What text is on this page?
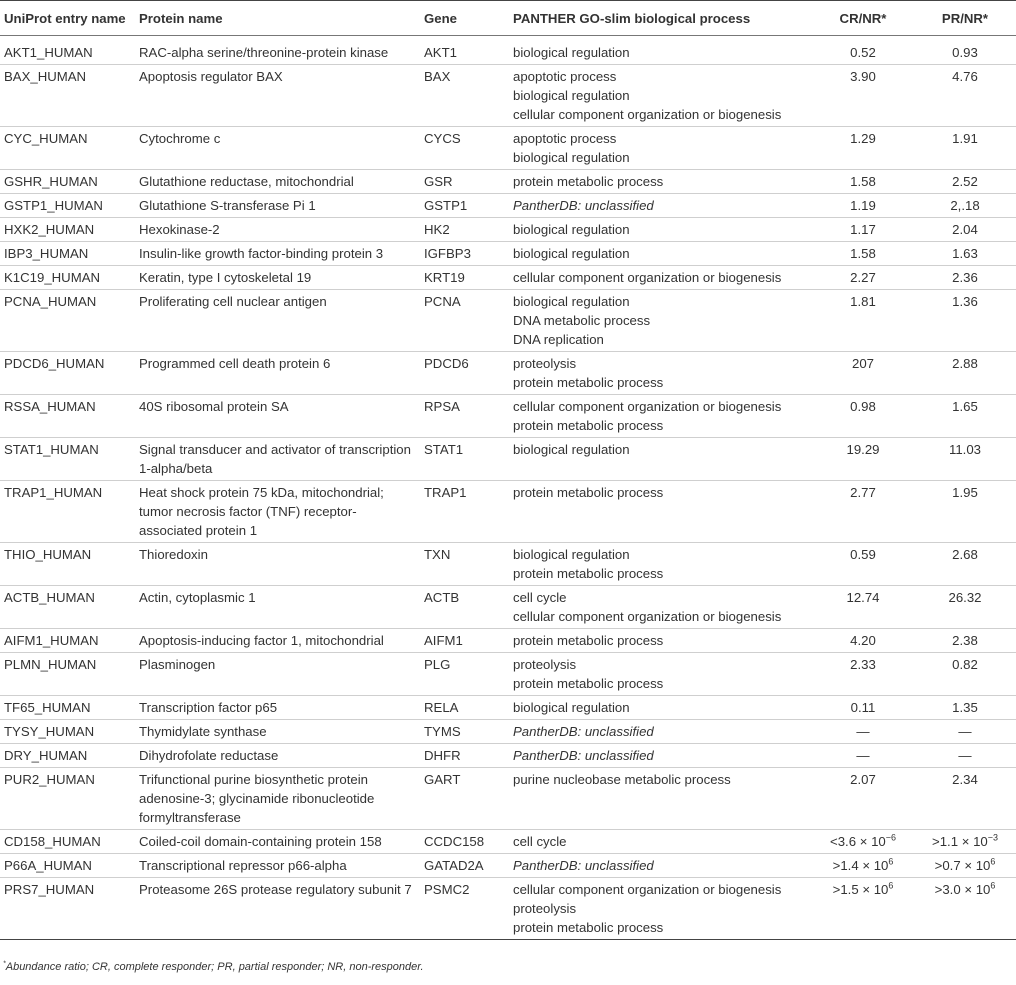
UniProt entry name	Protein name	Gene	PANTHER GO-slim biological process	CR/NR*	PR/NR*
AKT1_HUMAN	RAC-alpha serine/threonine-protein kinase	AKT1	biological regulation	0.52	0.93
BAX_HUMAN	Apoptosis regulator BAX	BAX	apoptotic process
biological regulation
cellular component organization or biogenesis	3.90	4.76
CYC_HUMAN	Cytochrome c	CYCS	apoptotic process
biological regulation	1.29	1.91
GSHR_HUMAN	Glutathione reductase, mitochondrial	GSR	protein metabolic process	1.58	2.52
GSTP1_HUMAN	Glutathione S-transferase Pi 1	GSTP1	PantherDB: unclassified	1.19	2,.18
HXK2_HUMAN	Hexokinase-2	HK2	biological regulation	1.17	2.04
IBP3_HUMAN	Insulin-like growth factor-binding protein 3	IGFBP3	biological regulation	1.58	1.63
K1C19_HUMAN	Keratin, type I cytoskeletal 19	KRT19	cellular component organization or biogenesis	2.27	2.36
PCNA_HUMAN	Proliferating cell nuclear antigen	PCNA	biological regulation
DNA metabolic process
DNA replication	1.81	1.36
PDCD6_HUMAN	Programmed cell death protein 6	PDCD6	proteolysis
protein metabolic process	207	2.88
RSSA_HUMAN	40S ribosomal protein SA	RPSA	cellular component organization or biogenesis
protein metabolic process	0.98	1.65
STAT1_HUMAN	Signal transducer and activator of transcription 1-alpha/beta	STAT1	biological regulation	19.29	11.03
TRAP1_HUMAN	Heat shock protein 75 kDa, mitochondrial; tumor necrosis factor (TNF) receptor-associated protein 1	TRAP1	protein metabolic process	2.77	1.95
THIO_HUMAN	Thioredoxin	TXN	biological regulation
protein metabolic process	0.59	2.68
ACTB_HUMAN	Actin, cytoplasmic 1	ACTB	cell cycle
cellular component organization or biogenesis	12.74	26.32
AIFM1_HUMAN	Apoptosis-inducing factor 1, mitochondrial	AIFM1	protein metabolic process	4.20	2.38
PLMN_HUMAN	Plasminogen	PLG	proteolysis
protein metabolic process	2.33	0.82
TF65_HUMAN	Transcription factor p65	RELA	biological regulation	0.11	1.35
TYSY_HUMAN	Thymidylate synthase	TYMS	PantherDB: unclassified	—	—
DRY_HUMAN	Dihydrofolate reductase	DHFR	PantherDB: unclassified	—	—
PUR2_HUMAN	Trifunctional purine biosynthetic protein adenosine-3; glycinamide ribonucleotide formyltransferase	GART	purine nucleobase metabolic process	2.07	2.34
CD158_HUMAN	Coiled-coil domain-containing protein 158	CCDC158	cell cycle	$<3.6 \times 10^{-6}$	$>1.1 \times 10^{-3}$
P66A_HUMAN	Transcriptional repressor p66-alpha	GATAD2A	PantherDB: unclassified	$>1.4 \times 10^6$	$>0.7 \times 10^6$
PRS7_HUMAN	Proteasome 26S protease regulatory subunit 7	PSMC2	cellular component organization or biogenesis
proteolysis
protein metabolic process	$>1.5 \times 10^6$	$>3.0 \times 10^6$
*Abundance ratio; CR, complete responder; PR, partial responder; NR, non-responder.
